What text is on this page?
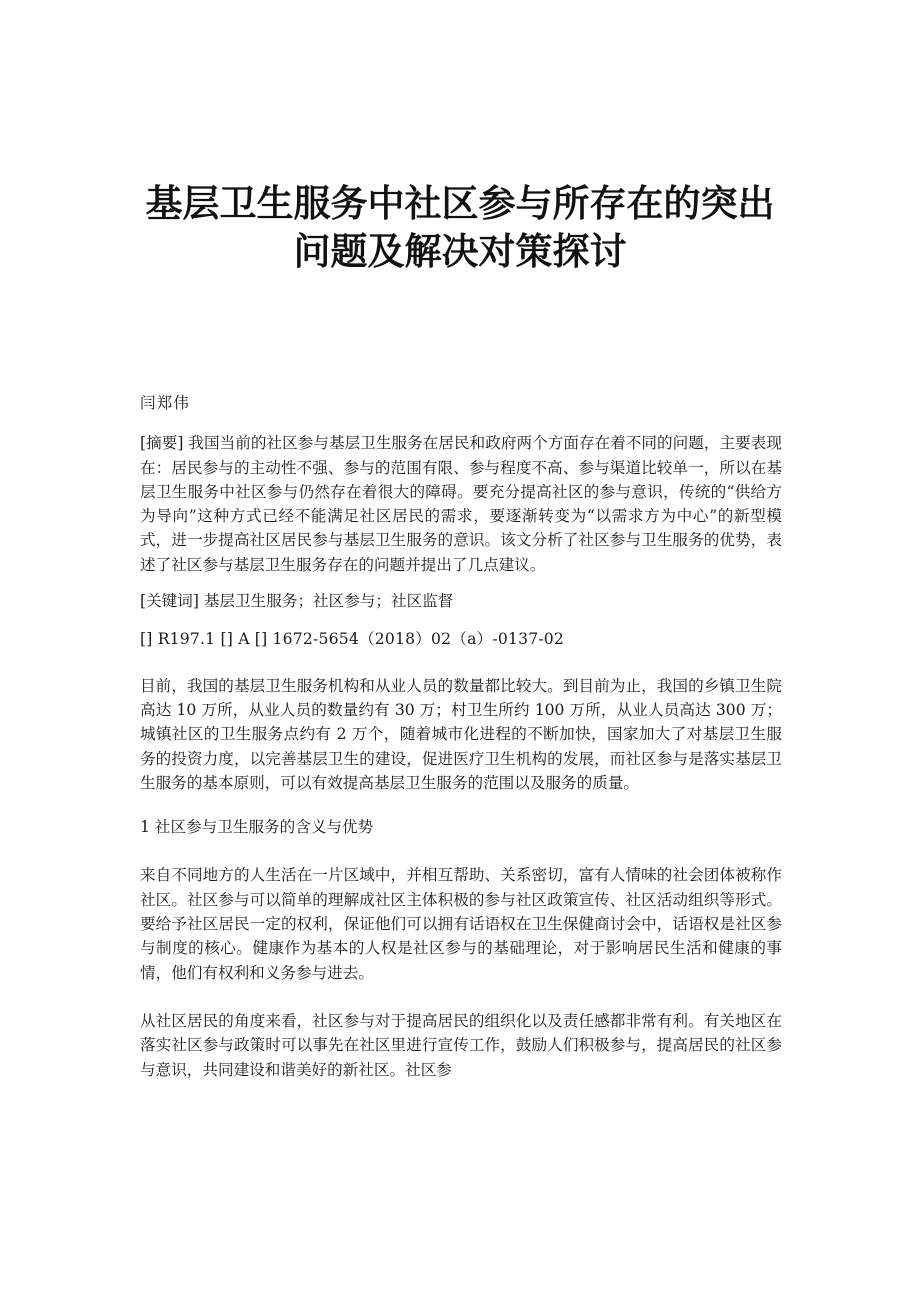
基层卫生服务中社区参与所存在的突出
问题及解决对策探讨

闫郑伟

[摘要] 我国当前的社区参与基层卫生服务在居民和政府两个方面存在着不同的问题，主要表现在：居民参与的主动性不强、参与的范围有限、参与程度不高、参与渠道比较单一，所以在基层卫生服务中社区参与仍然存在着很大的障碍。要充分提高社区的参与意识，传统的“供给方为导向”这种方式已经不能满足社区居民的需求，要逐渐转变为“以需求方为中心”的新型模式，进一步提高社区居民参与基层卫生服务的意识。该文分析了社区参与卫生服务的优势，表述了社区参与基层卫生服务存在的问题并提出了几点建议。

[关键词] 基层卫生服务；社区参与；社区监督

[] R197.1 [] A [] 1672-5654（2018）02（a）-0137-02

目前，我国的基层卫生服务机构和从业人员的数量都比较大。到目前为止，我国的乡镇卫生院高达 10 万所，从业人员的数量约有 30 万；村卫生所约 100 万所，从业人员高达 300 万；城镇社区的卫生服务点约有 2 万个，随着城市化进程的不断加快，国家加大了对基层卫生服务的投资力度，以完善基层卫生的建设，促进医疗卫生机构的发展，而社区参与是落实基层卫生服务的基本原则，可以有效提高基层卫生服务的范围以及服务的质量。

1 社区参与卫生服务的含义与优势

来自不同地方的人生活在一片区域中，并相互帮助、关系密切，富有人情味的社会团体被称作社区。社区参与可以简单的理解成社区主体积极的参与社区政策宣传、社区活动组织等形式。要给予社区居民一定的权利，保证他们可以拥有话语权在卫生保健商讨会中，话语权是社区参与制度的核心。健康作为基本的人权是社区参与的基础理论，对于影响居民生活和健康的事情，他们有权利和义务参与进去。

从社区居民的角度来看，社区参与对于提高居民的组织化以及责任感都非常有利。有关地区在落实社区参与政策时可以事先在社区里进行宣传工作，鼓励人们积极参与，提高居民的社区参与意识，共同建设和谐美好的新社区。社区参
